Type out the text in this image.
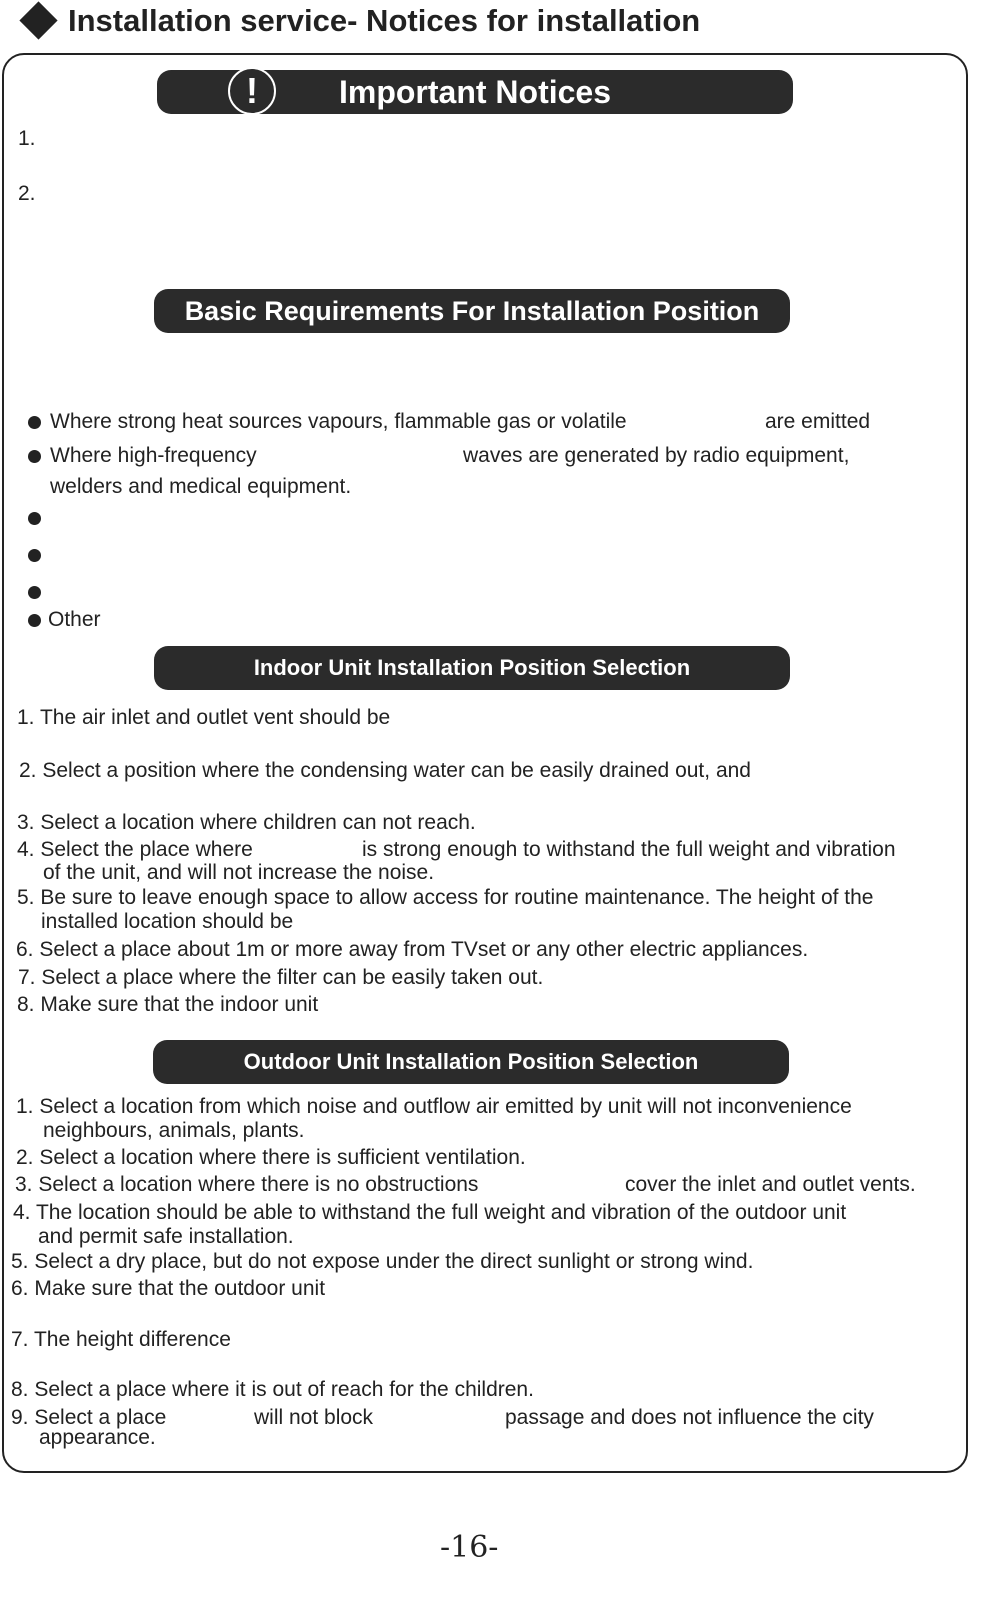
Installation service- Notices for installation
!	Important Notices
1.
2.
Basic Requirements For Installation Position
Where strong heat sources vapours, flammable gas or volatile	are emitted
Where high-frequency	waves are generated by radio equipment,
welders and medical equipment.
Other
Indoor Unit Installation Position Selection
1. The air inlet and outlet vent should be
2. Select a position where the condensing water can be easily drained out, and
3. Select a location where children can not reach.
4. Select the place where	is strong enough to withstand the full weight and vibration
of the unit, and will not increase the noise.
5. Be sure to leave enough space to allow access for routine maintenance. The height of the
installed location should be
6. Select a place about 1m or more away from TVset or any other electric appliances.
7. Select a place where the filter can be easily taken out.
8. Make sure that the indoor unit
Outdoor Unit Installation Position Selection
1. Select a location from which noise and outflow air emitted by unit will not inconvenience
neighbours, animals, plants.
2. Select a location where there is sufficient ventilation.
3. Select a location where there is no obstructions	cover the inlet and outlet vents.
4. The location should be able to withstand the full weight and vibration of the outdoor unit
and permit safe installation.
5. Select a dry place, but do not expose under the direct sunlight or strong wind.
6. Make sure that the outdoor unit
7. The height difference
8. Select a place where it is out of reach for the children.
9. Select a place	will not block	passage and does not influence the city
appearance.
-16-
